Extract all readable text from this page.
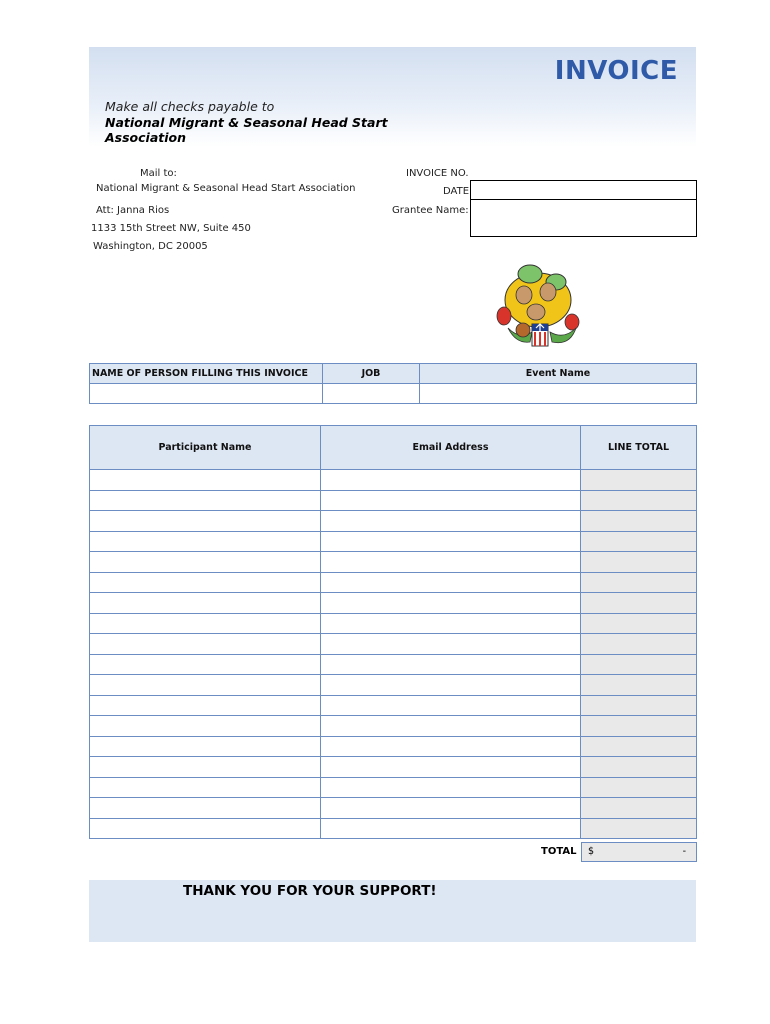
INVOICE
Make all checks payable to
National Migrant & Seasonal Head Start Association
Mail to:
National Migrant & Seasonal Head Start Association
Att: Janna Rios
1133 15th Street NW, Suite 450
Washington, DC 20005
INVOICE NO.
DATE
Grantee Name:
NAME OF PERSON FILLING THIS INVOICE	JOB	Event Name

Participant Name	Email Address	LINE TOTAL

TOTAL $	-
THANK YOU FOR YOUR SUPPORT!
